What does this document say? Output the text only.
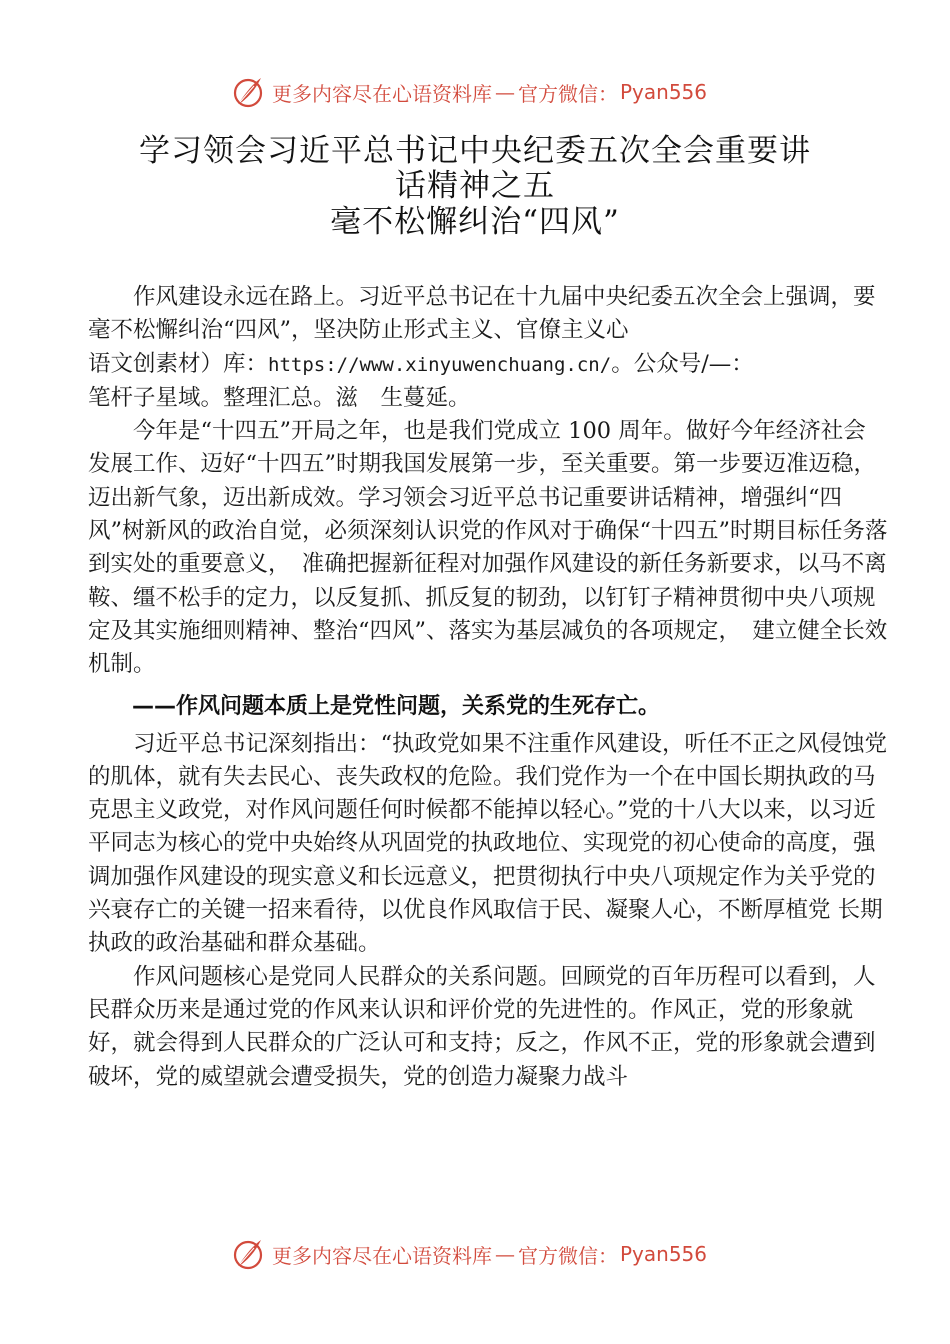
更多内容尽在心语资料库 — 官方微信： Pyan556
学习领会习近平总书记中央纪委五次全会重要讲
话精神之五
毫不松懈纠治“四风”

作风建设永远在路上。习近平总书记在十九届中央纪委五次全会上强调，要毫不松懈纠治“四风”，坚决防止形式主义、官僚主义心

语文创素材）库：https://www.xinyuwenchuang.cn/。公众号/—：

笔杆子星域。整理汇总。滋　生蔓延。

今年是“十四五”开局之年，也是我们党成立 100 周年。做好今年经济社会发展工作、迈好“十四五”时期我国发展第一步，至关重要。第一步要迈准迈稳，迈出新气象，迈出新成效。学习领会习近平总书记重要讲话精神，增强纠“四风”树新风的政治自觉，必须深刻认识党的作风对于确保“十四五”时期目标任务落到实处的重要意义，　准确把握新征程对加强作风建设的新任务新要求，以马不离鞍、缰不松手的定力，以反复抓、抓反复的韧劲，以钉钉子精神贯彻中央八项规定及其实施细则精神、整治“四风”、落实为基层减负的各项规定，　建立健全长效机制。

——作风问题本质上是党性问题，关系党的生死存亡。

习近平总书记深刻指出：“执政党如果不注重作风建设，听任不正之风侵蚀党的肌体，就有失去民心、丧失政权的危险。我们党作为一个在中国长期执政的马克思主义政党，对作风问题任何时候都不能掉以轻心。”党的十八大以来，以习近平同志为核心的党中央始终从巩固党的执政地位、实现党的初心使命的高度，强调加强作风建设的现实意义和长远意义，把贯彻执行中央八项规定作为关乎党的兴衰存亡的关键一招来看待，以优良作风取信于民、凝聚人心，不断厚植党 长期执政的政治基础和群众基础。

作风问题核心是党同人民群众的关系问题。回顾党的百年历程可以看到，人民群众历来是通过党的作风来认识和评价党的先进性的。作风正，党的形象就好，就会得到人民群众的广泛认可和支持；反之，作风不正，党的形象就会遭到破坏，党的威望就会遭受损失，党的创造力凝聚力战斗

更多内容尽在心语资料库 — 官方微信： Pyan556
